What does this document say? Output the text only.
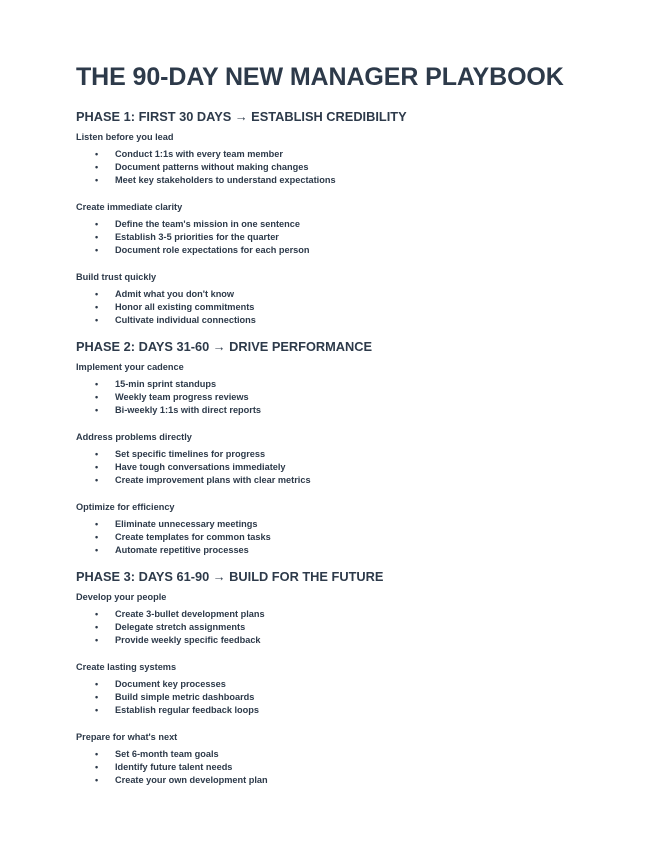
THE 90-DAY NEW MANAGER PLAYBOOK
PHASE 1: FIRST 30 DAYS → ESTABLISH CREDIBILITY
Listen before you lead
• Conduct 1:1s with every team member
• Document patterns without making changes
• Meet key stakeholders to understand expectations
Create immediate clarity
• Define the team's mission in one sentence
• Establish 3-5 priorities for the quarter
• Document role expectations for each person
Build trust quickly
• Admit what you don't know
• Honor all existing commitments
• Cultivate individual connections
PHASE 2: DAYS 31-60 → DRIVE PERFORMANCE
Implement your cadence
• 15-min sprint standups
• Weekly team progress reviews
• Bi-weekly 1:1s with direct reports
Address problems directly
• Set specific timelines for progress
• Have tough conversations immediately
• Create improvement plans with clear metrics
Optimize for efficiency
• Eliminate unnecessary meetings
• Create templates for common tasks
• Automate repetitive processes
PHASE 3: DAYS 61-90 → BUILD FOR THE FUTURE
Develop your people
• Create 3-bullet development plans
• Delegate stretch assignments
• Provide weekly specific feedback
Create lasting systems
• Document key processes
• Build simple metric dashboards
• Establish regular feedback loops
Prepare for what's next
• Set 6-month team goals
• Identify future talent needs
• Create your own development plan
